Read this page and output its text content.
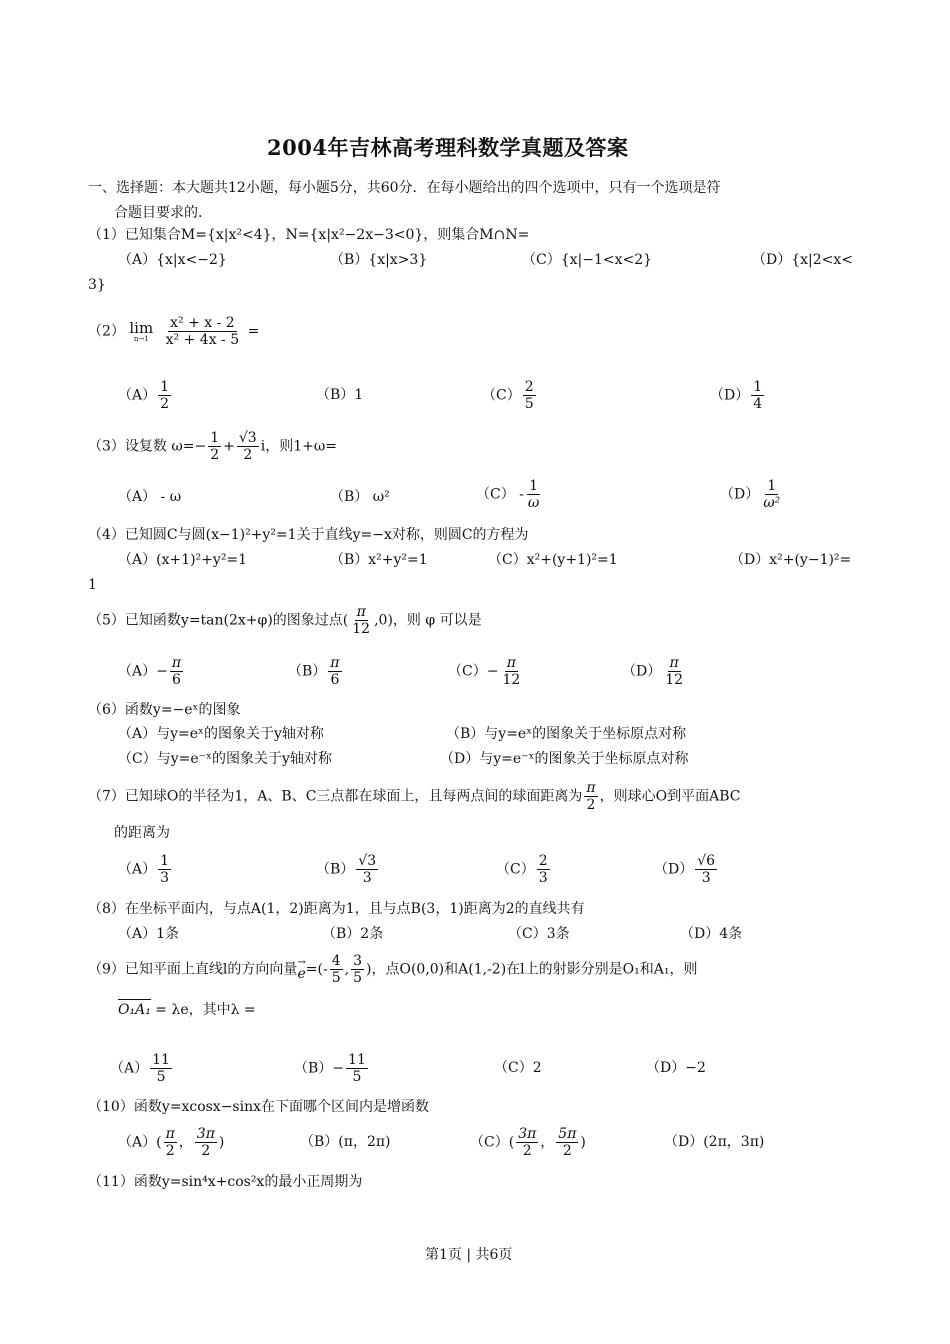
2004年吉林高考理科数学真题及答案
一、选择题：本大题共12小题，每小题5分，共60分．在每小题给出的四个选项中，只有一个选项是符
合题目要求的.
（1）已知集合M={x|x²<4}，N={x|x²−2x−3<0}，则集合M∩N=
（A）{x|x<−2}	（B）{x|x>3}	（C）{x|−1<x<2}	（D）{x|2<x<
3}
（2） lim
n→1
$\frac{\text{x² + x - 2}}{\text{x² + 4x - 5}}$ =
$(A) \frac{1}{2}$	（B）1	$(C) \frac{2}{5}$	$(D) \frac{1}{4}$
（3）设复数 $\omega=- \frac{1}{2} + \frac{√3}{2}$ i，则1+ω=
（A） - ω	（B） ω²	$(C) - \frac{1}{\omega}$	$(D) \frac{1}{\text{ω²}}$
（4）已知圆C与圆(x−1)²+y²=1关于直线y=−x对称，则圆C的方程为
（A）(x+1)²+y²=1	（B）x²+y²=1	（C）x²+(y+1)²=1	（D）x²+(y−1)²=
1
（5）已知函数y=tan(2x+φ)的图象过点( $\frac{\pi}{12} ,0$)，则 φ 可以是
$(A)- \frac{\pi}{6}$	$(B) \frac{\pi}{6}$	$(C)- \frac{\pi}{12}$	$(D) \frac{\pi}{12}$
（6）函数y=−eˣ的图象
（A）与y=eˣ的图象关于y轴对称	（B）与y=eˣ的图象关于坐标原点对称
（C）与y=e⁻ˣ的图象关于y轴对称	（D）与y=e⁻ˣ的图象关于坐标原点对称
（7）已知球O的半径为1，A、B、C三点都在球面上，且每两点间的球面距离为 $\frac{\pi}{2}$ ，则球心O到平面ABC
的距离为
$(A) \frac{1}{3}$	$(B) \frac{√3}{3}$	$(C) \frac{2}{3}$	$(D) \frac{√6}{3}$
（8）在坐标平面内，与点A(1，2)距离为1，且与点B(3，1)距离为2的直线共有
（A）1条	（B）2条	（C）3条	（D）4条
（9）已知平面上直线l的方向向量 →
e =(- $\frac{4}{5}$ , $\frac{3}{5}$ )，点O(0,0)和A(1,-2)在l上的射影分别是O₁和A₁，则
O₁A₁ = λe，其中λ =
$(A) \frac{11}{5}$	$(B)- \frac{11}{5}$	（C）2	（D）−2
（10）函数y=xcosx−sinx在下面哪个区间内是增函数
$(A)( \frac{\pi}{2}$ ， $\frac{3\pi}{2}$ )	（B）(π，2π)	$(C)( \frac{3\pi}{2}$ ， $\frac{5\pi}{2}$ )	（D）(2π，3π)
（11）函数y=sin⁴x+cos²x的最小正周期为
第1页 | 共6页
